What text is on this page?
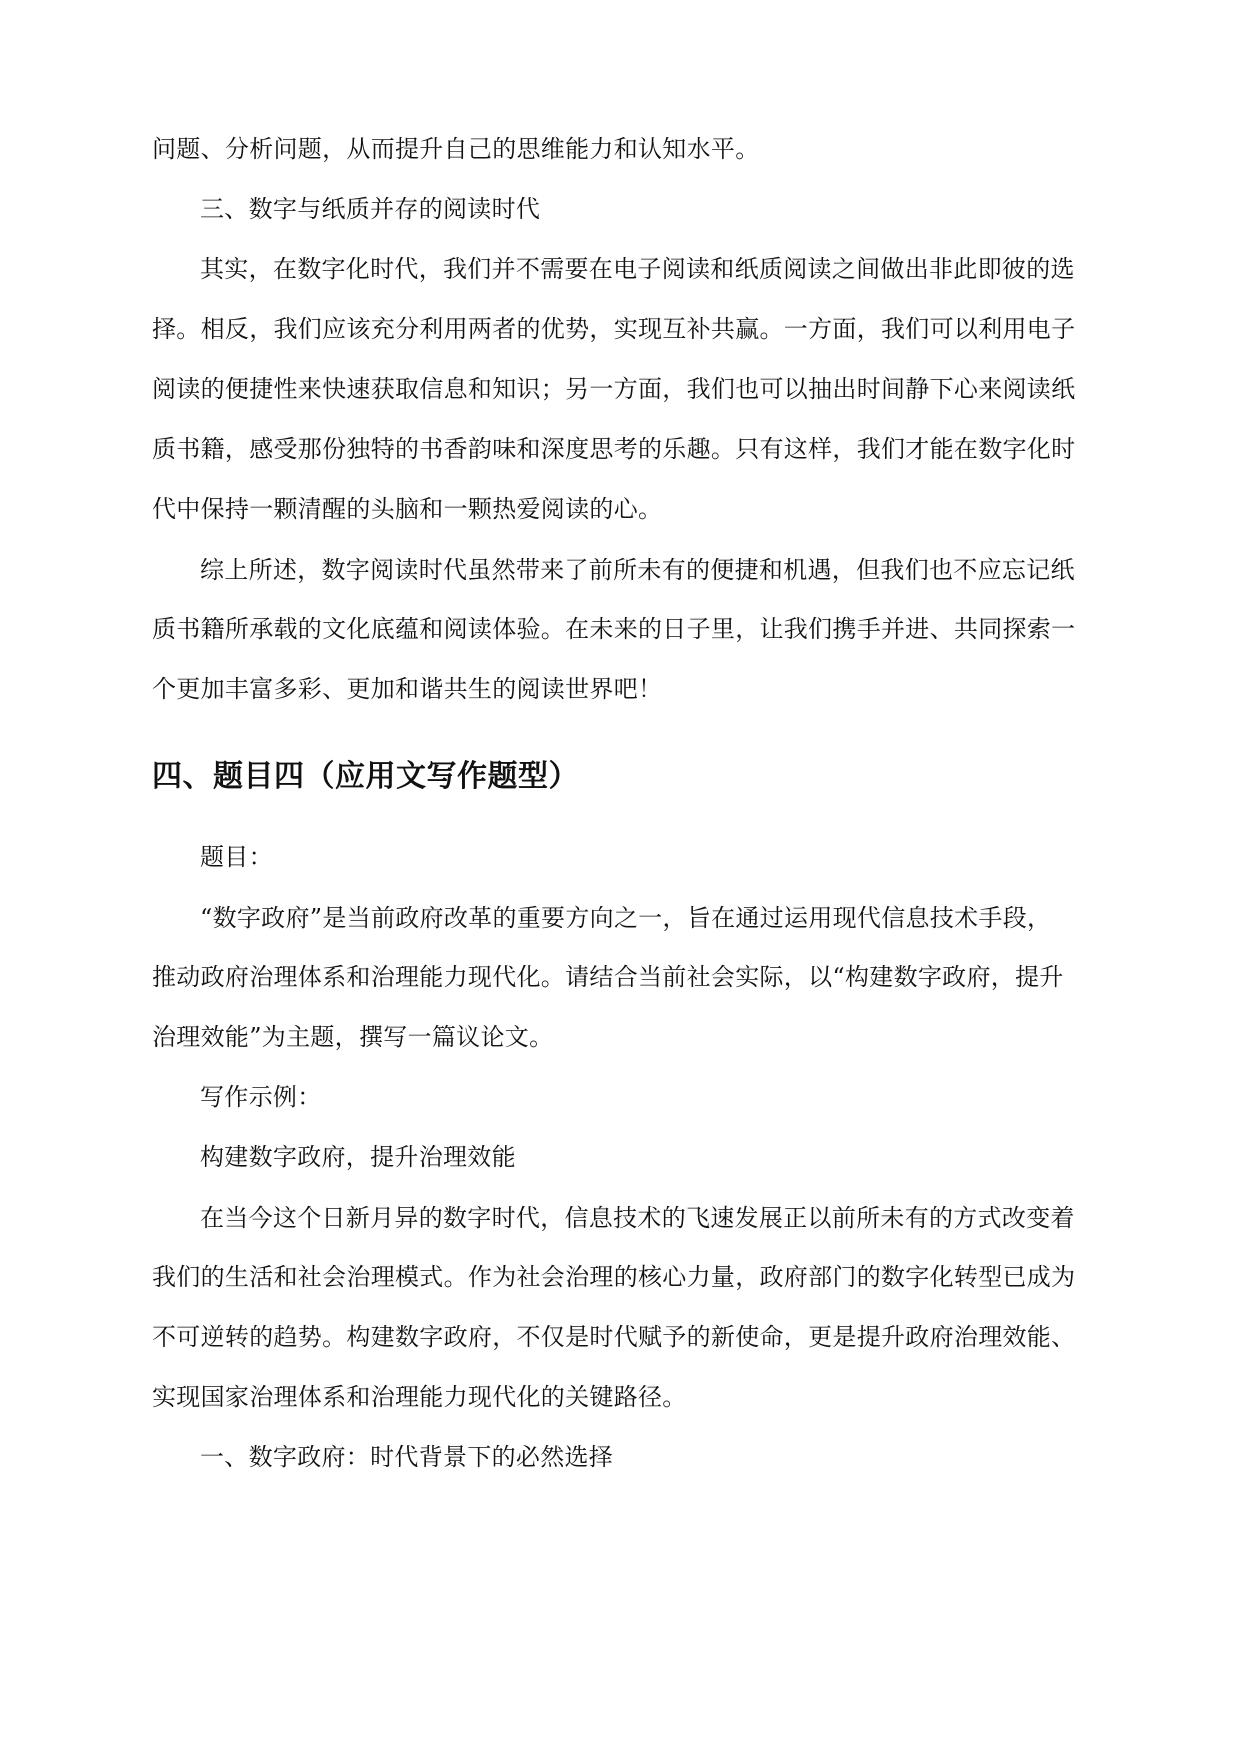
问题、分析问题，从而提升自己的思维能力和认知水平。
三、数字与纸质并存的阅读时代
其实，在数字化时代，我们并不需要在电子阅读和纸质阅读之间做出非此即彼的选
择。相反，我们应该充分利用两者的优势，实现互补共赢。一方面，我们可以利用电子
阅读的便捷性来快速获取信息和知识；另一方面，我们也可以抽出时间静下心来阅读纸
质书籍，感受那份独特的书香韵味和深度思考的乐趣。只有这样，我们才能在数字化时
代中保持一颗清醒的头脑和一颗热爱阅读的心。
综上所述，数字阅读时代虽然带来了前所未有的便捷和机遇，但我们也不应忘记纸
质书籍所承载的文化底蕴和阅读体验。在未来的日子里，让我们携手并进、共同探索一
个更加丰富多彩、更加和谐共生的阅读世界吧！
四、题目四（应用文写作题型）
题目：
“数字政府”是当前政府改革的重要方向之一，旨在通过运用现代信息技术手段，
推动政府治理体系和治理能力现代化。请结合当前社会实际，以“构建数字政府，提升
治理效能”为主题，撰写一篇议论文。
写作示例：
构建数字政府，提升治理效能
在当今这个日新月异的数字时代，信息技术的飞速发展正以前所未有的方式改变着
我们的生活和社会治理模式。作为社会治理的核心力量，政府部门的数字化转型已成为
不可逆转的趋势。构建数字政府，不仅是时代赋予的新使命，更是提升政府治理效能、
实现国家治理体系和治理能力现代化的关键路径。
一、数字政府：时代背景下的必然选择
